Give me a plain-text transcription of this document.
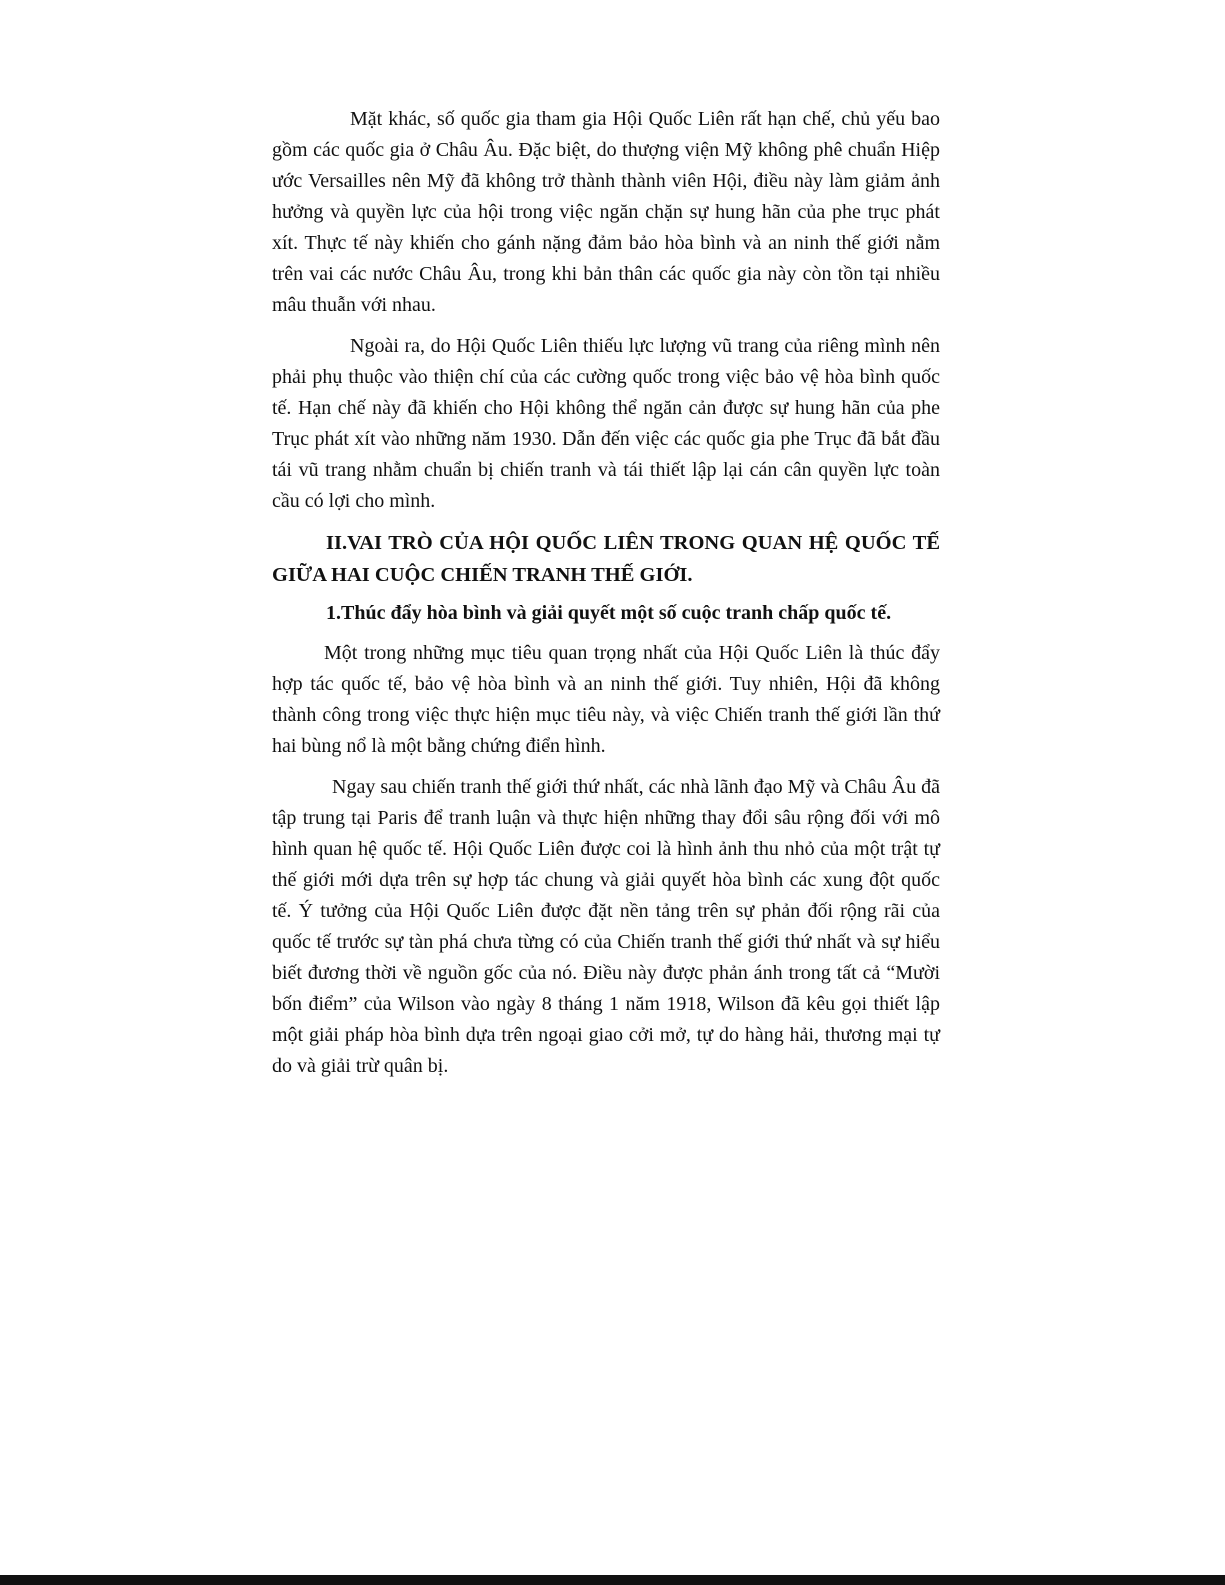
Mặt khác, số quốc gia tham gia Hội Quốc Liên rất hạn chế, chủ yếu bao gồm các quốc gia ở Châu Âu. Đặc biệt, do thượng viện Mỹ không phê chuẩn Hiệp ước Versailles nên Mỹ đã không trở thành thành viên Hội, điều này làm giảm ảnh hưởng và quyền lực của hội trong việc ngăn chặn sự hung hãn của phe trục phát xít. Thực tế này khiến cho gánh nặng đảm bảo hòa bình và an ninh thế giới nằm trên vai các nước Châu Âu, trong khi bản thân các quốc gia này còn tồn tại nhiều mâu thuẫn với nhau.

Ngoài ra, do Hội Quốc Liên thiếu lực lượng vũ trang của riêng mình nên phải phụ thuộc vào thiện chí của các cường quốc trong việc bảo vệ hòa bình quốc tế. Hạn chế này đã khiến cho Hội không thể ngăn cản được sự hung hãn của phe Trục phát xít vào những năm 1930. Dẫn đến việc các quốc gia phe Trục đã bắt đầu tái vũ trang nhằm chuẩn bị chiến tranh và tái thiết lập lại cán cân quyền lực toàn cầu có lợi cho mình.

II.VAI TRÒ CỦA HỘI QUỐC LIÊN TRONG QUAN HỆ QUỐC TẾ GIỮA HAI CUỘC CHIẾN TRANH THẾ GIỚI.

1.Thúc đẩy hòa bình và giải quyết một số cuộc tranh chấp quốc tế.

Một trong những mục tiêu quan trọng nhất của Hội Quốc Liên là thúc đẩy hợp tác quốc tế, bảo vệ hòa bình và an ninh thế giới. Tuy nhiên, Hội đã không thành công trong việc thực hiện mục tiêu này, và việc Chiến tranh thế giới lần thứ hai bùng nổ là một bằng chứng điển hình.

Ngay sau chiến tranh thế giới thứ nhất, các nhà lãnh đạo Mỹ và Châu Âu đã tập trung tại Paris để tranh luận và thực hiện những thay đổi sâu rộng đối với mô hình quan hệ quốc tế. Hội Quốc Liên được coi là hình ảnh thu nhỏ của một trật tự thế giới mới dựa trên sự hợp tác chung và giải quyết hòa bình các xung đột quốc tế. Ý tưởng của Hội Quốc Liên được đặt nền tảng trên sự phản đối rộng rãi của quốc tế trước sự tàn phá chưa từng có của Chiến tranh thế giới thứ nhất và sự hiểu biết đương thời về nguồn gốc của nó. Điều này được phản ánh trong tất cả “Mười bốn điểm” của Wilson vào ngày 8 tháng 1 năm 1918, Wilson đã kêu gọi thiết lập một giải pháp hòa bình dựa trên ngoại giao cởi mở, tự do hàng hải, thương mại tự do và giải trừ quân bị.
